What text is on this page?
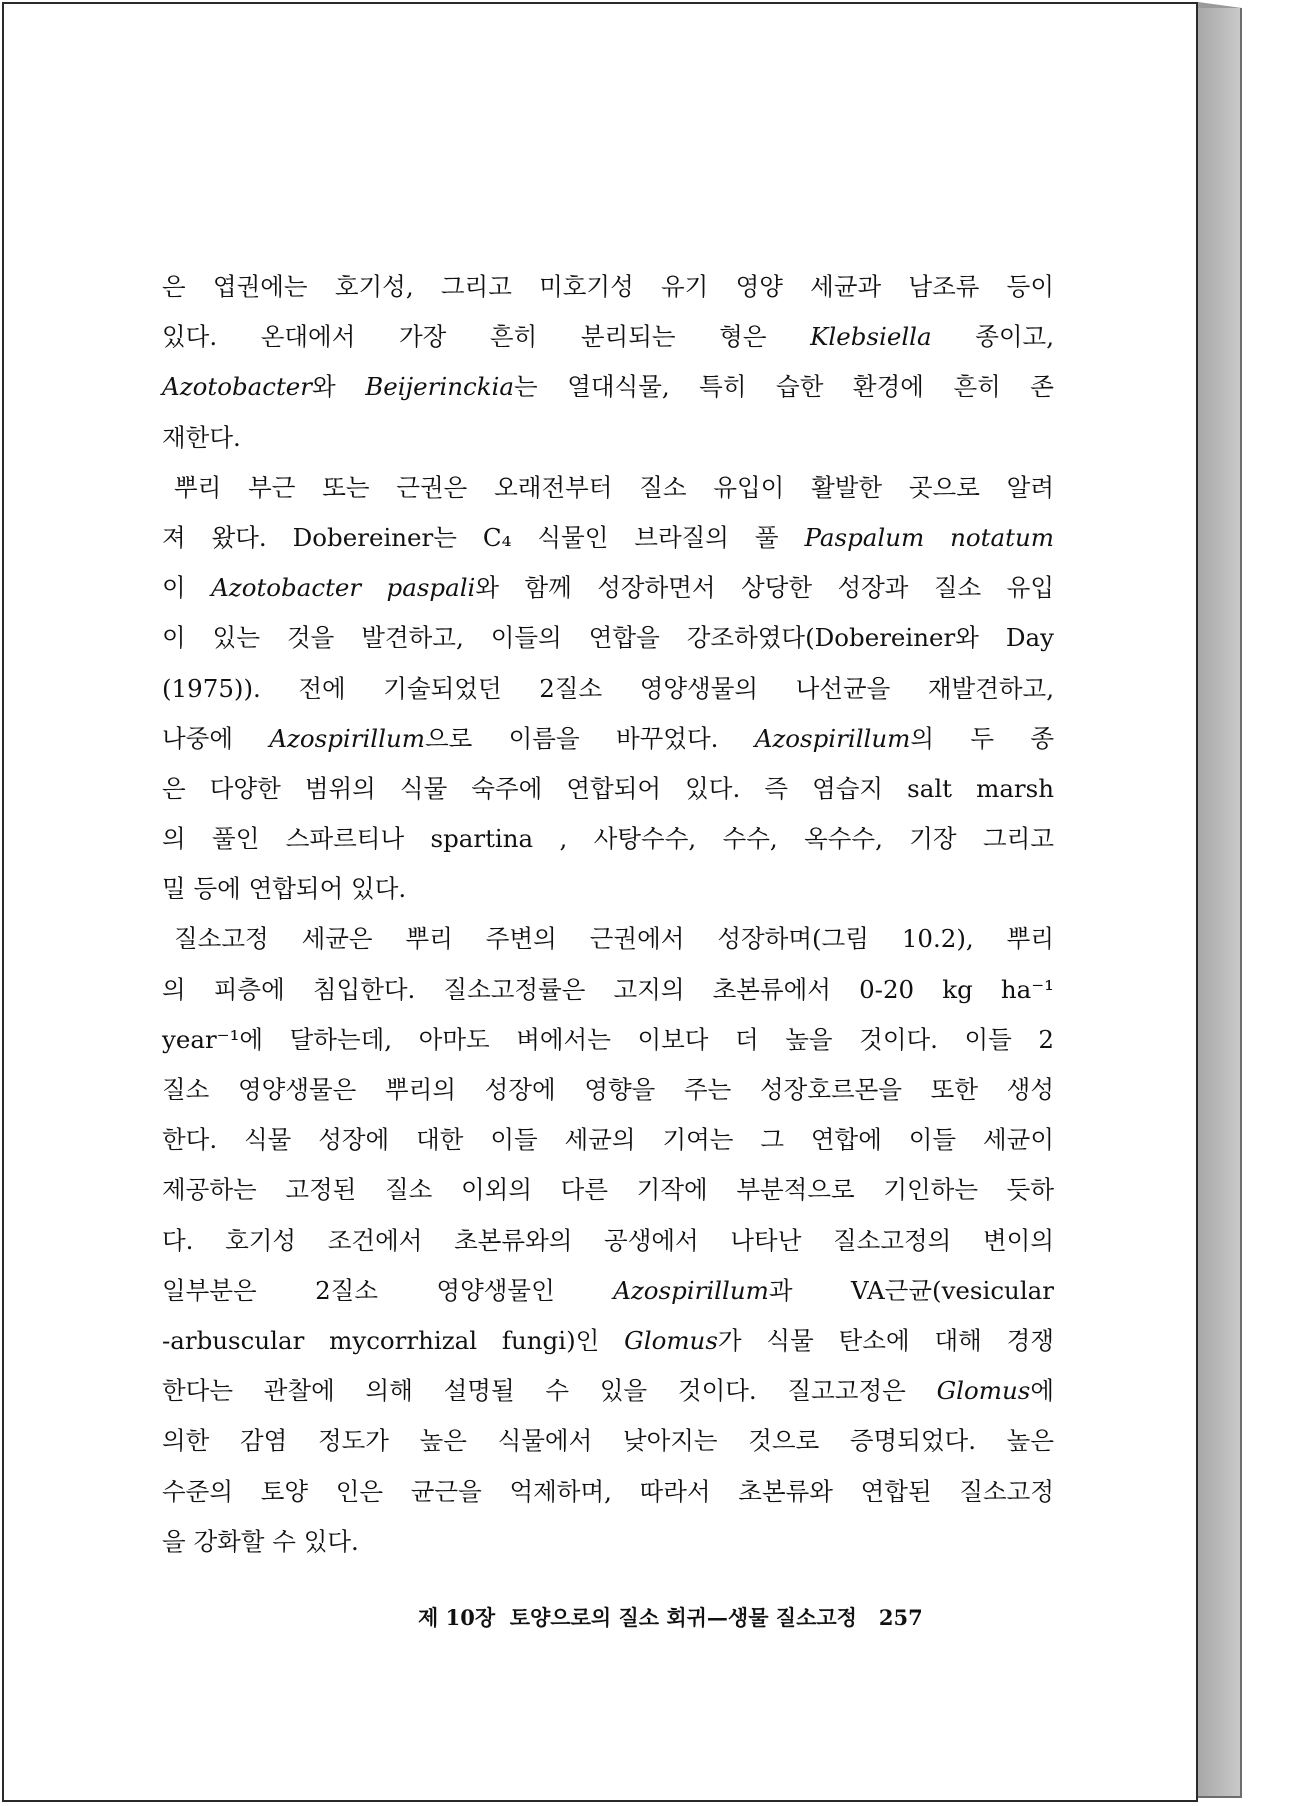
은 엽권에는 호기성, 그리고 미호기성 유기 영양 세균과 남조류 등이
있다. 온대에서 가장 흔히 분리되는 형은 Klebsiella 종이고,
Azotobacter와 Beijerinckia는 열대식물, 특히 습한 환경에 흔히 존
재한다.
뿌리 부근 또는 근권은 오래전부터 질소 유입이 활발한 곳으로 알려
져 왔다. Dobereiner는 C₄ 식물인 브라질의 풀 Paspalum notatum
이 Azotobacter paspali와 함께 성장하면서 상당한 성장과 질소 유입
이 있는 것을 발견하고, 이들의 연합을 강조하였다(Dobereiner와 Day
(1975)). 전에 기술되었던 2질소 영양생물의 나선균을 재발견하고,
나중에 Azospirillum으로 이름을 바꾸었다. Azospirillum의 두 종
은 다양한 범위의 식물 숙주에 연합되어 있다. 즉 염습지 salt marsh
의 풀인 스파르티나 spartina , 사탕수수, 수수, 옥수수, 기장 그리고
밀 등에 연합되어 있다.
질소고정 세균은 뿌리 주변의 근권에서 성장하며(그림 10.2), 뿌리
의 피층에 침입한다. 질소고정률은 고지의 초본류에서 0-20 kg ha⁻¹
year⁻¹에 달하는데, 아마도 벼에서는 이보다 더 높을 것이다. 이들 2
질소 영양생물은 뿌리의 성장에 영향을 주는 성장호르몬을 또한 생성
한다. 식물 성장에 대한 이들 세균의 기여는 그 연합에 이들 세균이
제공하는 고정된 질소 이외의 다른 기작에 부분적으로 기인하는 듯하
다. 호기성 조건에서 초본류와의 공생에서 나타난 질소고정의 변이의
일부분은 2질소 영양생물인 Azospirillum과 VA근균(vesicular
-arbuscular mycorrhizal fungi)인 Glomus가 식물 탄소에 대해 경쟁
한다는 관찰에 의해 설명될 수 있을 것이다. 질고고정은 Glomus에
의한 감염 정도가 높은 식물에서 낮아지는 것으로 증명되었다. 높은
수준의 토양 인은 균근을 억제하며, 따라서 초본류와 연합된 질소고정
을 강화할 수 있다.
제 10장  토양으로의 질소 회귀—생물 질소고정 257
